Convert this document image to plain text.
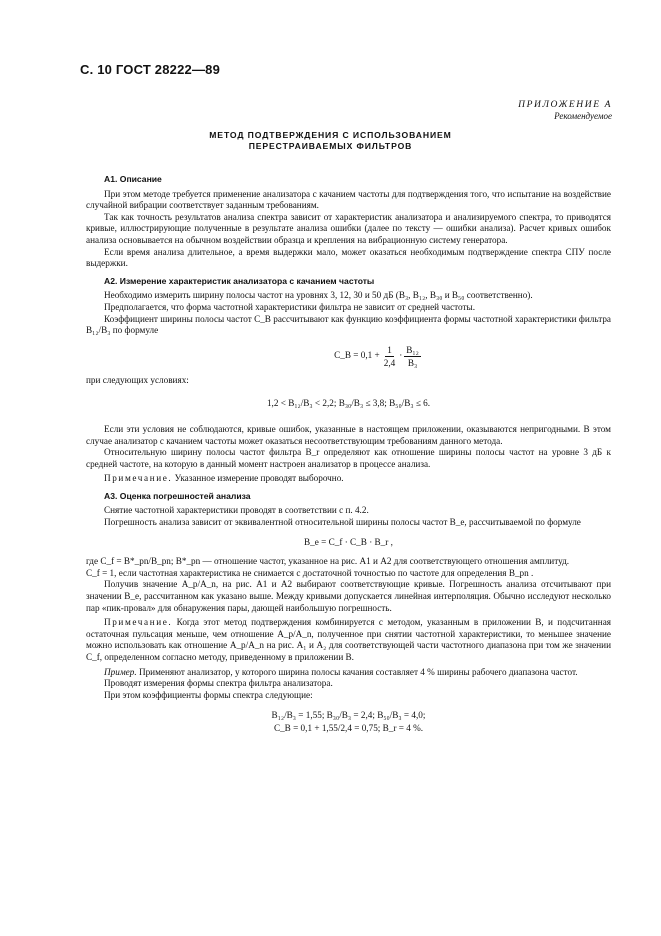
С. 10 ГОСТ 28222—89
ПРИЛОЖЕНИЕ А
Рекомендуемое
МЕТОД ПОДТВЕРЖДЕНИЯ С ИСПОЛЬЗОВАНИЕМ
ПЕРЕСТРАИВАЕМЫХ ФИЛЬТРОВ
А1. Описание

При этом методе требуется применение анализатора с качанием частоты для подтверждения того, что испытание на воздействие случайной вибрации соответствует заданным требованиям.

Так как точность результатов анализа спектра зависит от характеристик анализатора и анализируемого спектра, то приводятся кривые, иллюстрирующие полученные в результате анализа ошибки (далее по тексту — ошибки анализа). Расчет кривых ошибок анализа основывается на обычном воздействии образца и крепления на вибрационную систему генератора.

Если время анализа длительное, а время выдержки мало, может оказаться необходимым подтверждение спектра СПУ после выдержки.

А2. Измерение характеристик анализатора с качанием частоты

Необходимо измерить ширину полосы частот на уровнях 3, 12, 30 и 50 дБ (B₃, B₁₂, B₃₀ и B₅₀ соответственно).

Предполагается, что форма частотной характеристики фильтра не зависит от средней частоты.

Коэффициент ширины полосы частот C_B рассчитывают как функцию коэффициента формы частотной характеристики фильтра B₁₂/B₃ по формуле

C_B = $0,1 + \frac{1}{2,4} \cdot \frac{\text{B₁₂}}{\text{B₃}}$

при следующих условиях:

1,2 < B₁₂/B₃ < 2,2; B₃₀/B₃ ≤ 3,8; B₅₀/B₃ ≤ 6.

Если эти условия не соблюдаются, кривые ошибок, указанные в настоящем приложении, оказываются непригодными. В этом случае анализатор с качанием частоты может оказаться несоответствующим требованиям данного метода.

Относительную ширину полосы частот фильтра B_r определяют как отношение ширины полосы частот на уровне 3 дБ к средней частоте, на которую в данный момент настроен анализатор в процессе анализа.

Примечание. Указанное измерение проводят выборочно.

А3. Оценка погрешностей анализа

Снятие частотной характеристики проводят в соответствии с п. 4.2.

Погрешность анализа зависит от эквивалентной относительной ширины полосы частот B_e, рассчитываемой по формуле

B_e = C_f · C_B · B_r ,

где C_f = B*_pn/B_pn; B*_pn — отношение частот, указанное на рис. А1 и А2 для соответствующего отношения амплитуд.

C_f = 1, если частотная характеристика не снимается с достаточной точностью по частоте для определения B_pn .

Получив значение A_p/A_n, на рис. А1 и А2 выбирают соответствующие кривые. Погрешность анализа отсчитывают при значении B_e, рассчитанном как указано выше. Между кривыми допускается линейная интерполяция. Обычно исследуют несколько пар «пик-провал» для обнаружения пары, дающей наибольшую погрешность.

Примечание. Когда этот метод подтверждения комбинируется с методом, указанным в приложении В, и подсчитанная остаточная пульсация меньше, чем отношение A_p/A_n, полученное при снятии частотной характеристики, то меньшее значение можно использовать как отношение A_p/A_n на рис. А₁ и А₂ для соответствующей части частотного диапазона при том же значении C_f, определенном согласно методу, приведенному в приложении В.

Пример. Применяют анализатор, у которого ширина полосы качания составляет 4 % ширины рабочего диапазона частот.

Проводят измерения формы спектра фильтра анализатора.

При этом коэффициенты формы спектра следующие:

B₁₂/B₃ = 1,55; B₃₀/B₃ = 2,4; B₅₀/B₃ = 4,0;
C_B = 0,1 + 1,55/2,4 = 0,75; B_r = 4 %.
